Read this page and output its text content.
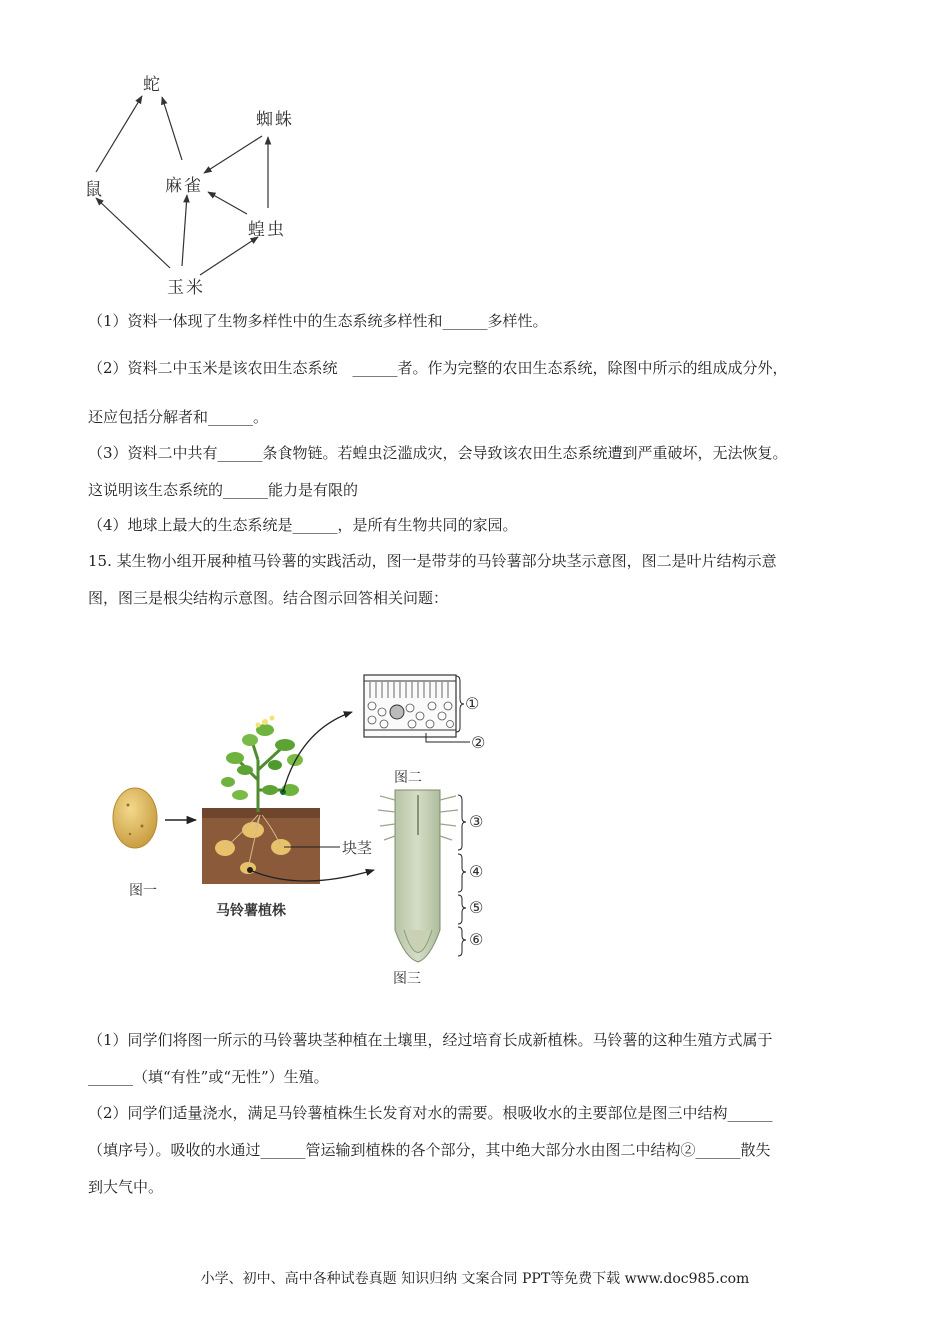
蛇
蜘蛛
鼠	麻雀
蝗虫
玉米
（1）资料一体现了生物多样性中的生态系统多样性和______多样性。
（2）资料二中玉米是该农田生态系统　______者。作为完整的农田生态系统，除图中所示的组成成分外，
还应包括分解者和______。
（3）资料二中共有______条食物链。若蝗虫泛滥成灾，会导致该农田生态系统遭到严重破坏，无法恢复。
这说明该生态系统的______能力是有限的
（4）地球上最大的生态系统是______，是所有生物共同的家园。
15. 某生物小组开展种植马铃薯的实践活动，图一是带芽的马铃薯部分块茎示意图，图二是叶片结构示意
图，图三是根尖结构示意图。结合图示回答相关问题：
图一
马铃薯植株
块茎
图二
图三
①
②
③
④
⑤
⑥
（1）同学们将图一所示的马铃薯块茎种植在土壤里，经过培育长成新植株。马铃薯的这种生殖方式属于
______（填“有性”或“无性”）生殖。
（2）同学们适量浇水，满足马铃薯植株生长发育对水的需要。根吸收水的主要部位是图三中结构______
（填序号）。吸收的水通过______管运输到植株的各个部分，其中绝大部分水由图二中结构②______散失
到大气中。
小学、初中、高中各种试卷真题 知识归纳 文案合同 PPT等免费下载 www.doc985.com
